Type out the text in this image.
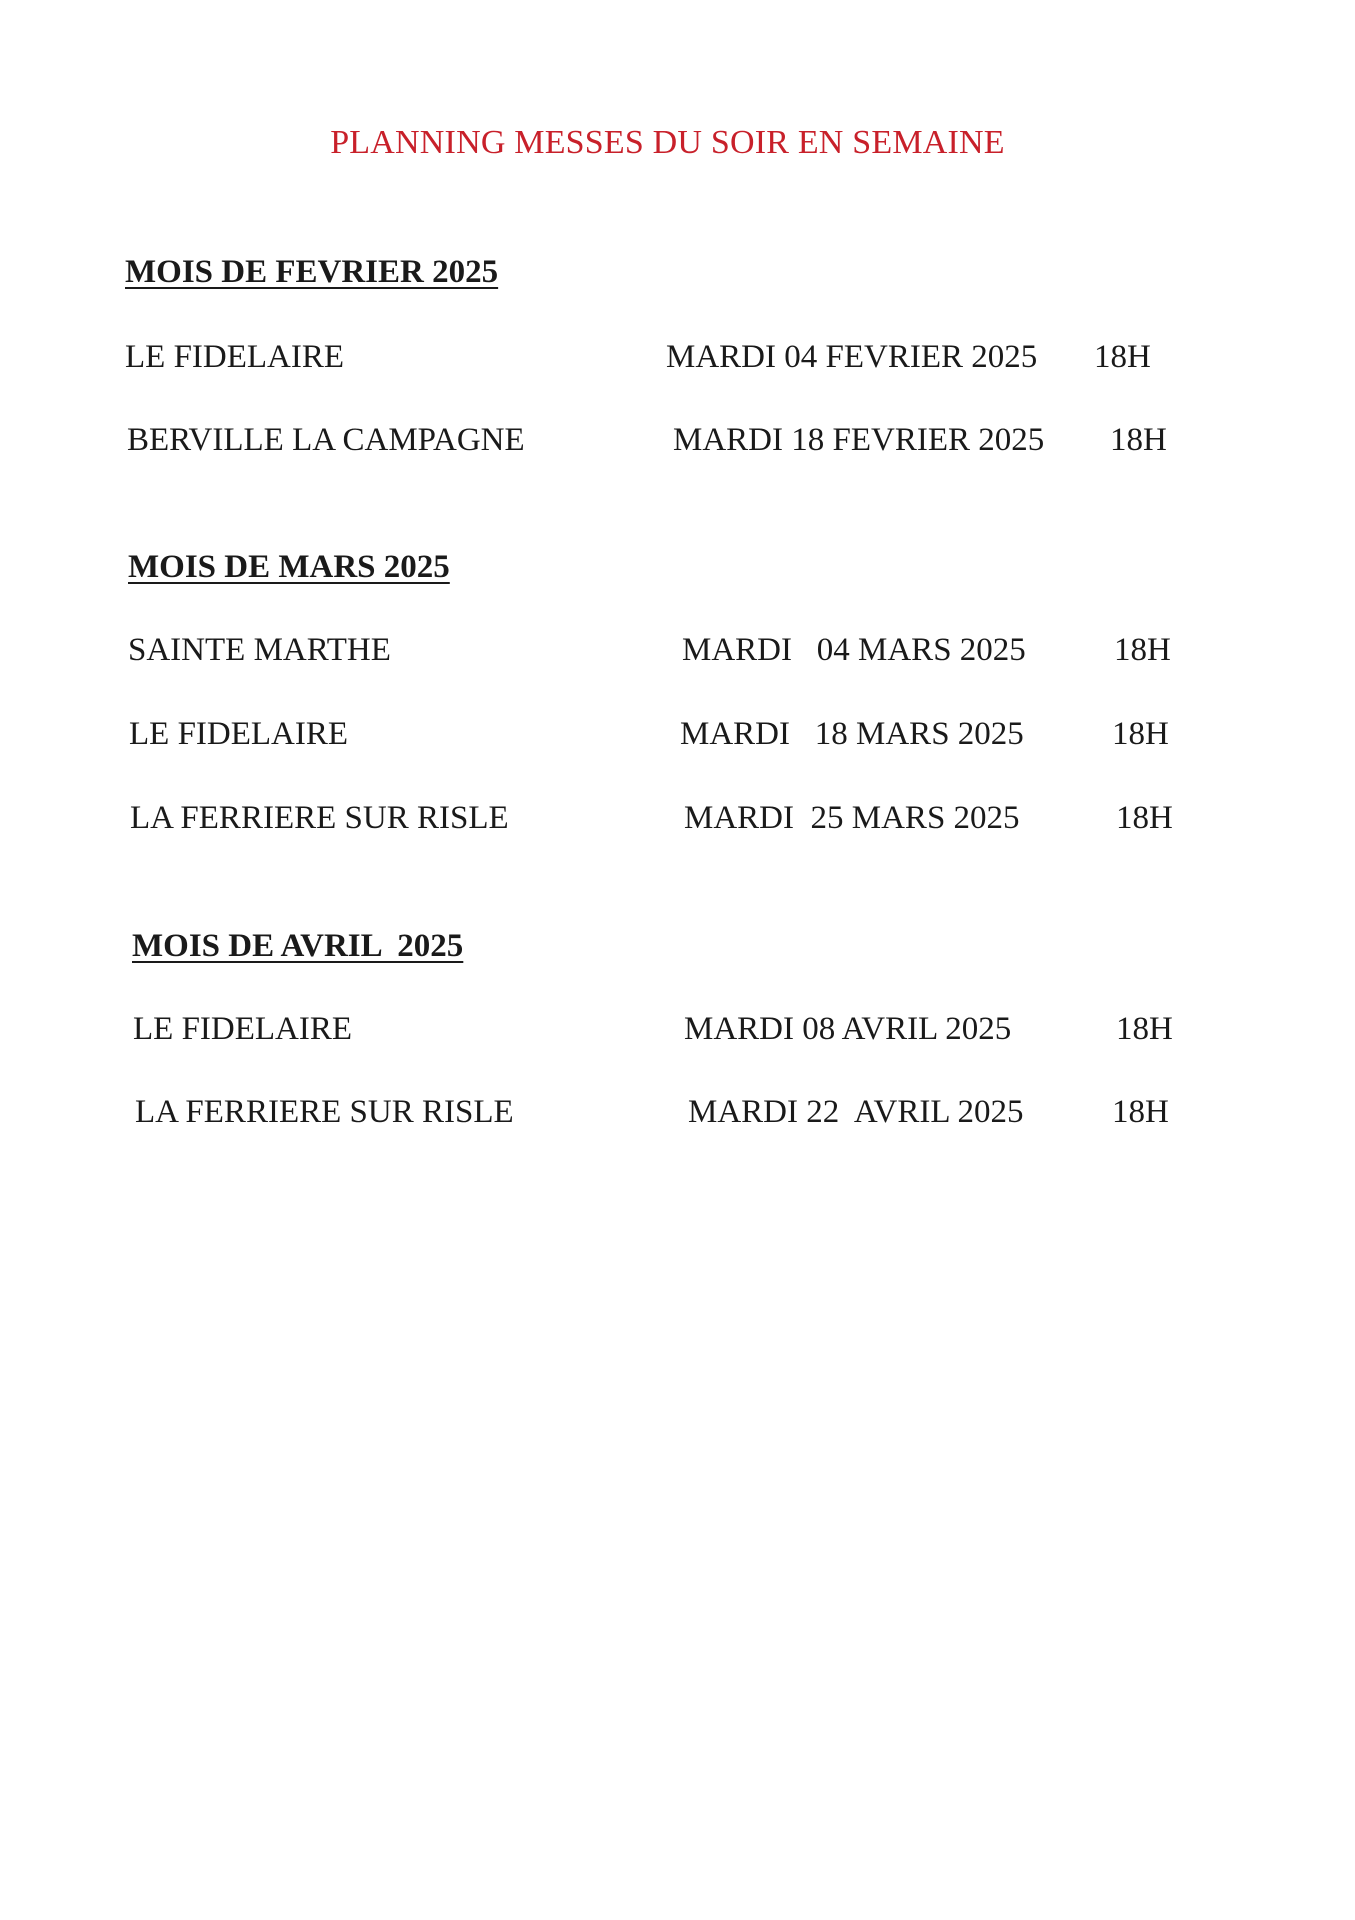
PLANNING MESSES DU SOIR EN SEMAINE
MOIS DE FEVRIER 2025
LE FIDELAIRE	MARDI 04 FEVRIER 2025 18H
BERVILLE LA CAMPAGNE	MARDI 18 FEVRIER 2025 18H
MOIS DE MARS 2025
SAINTE MARTHE	MARDI   04 MARS 2025	18H
LE FIDELAIRE	MARDI   18 MARS 2025	18H
LA FERRIERE SUR RISLE	MARDI  25 MARS 2025	18H
MOIS DE AVRIL  2025
LE FIDELAIRE	MARDI 08 AVRIL 2025	18H
LA FERRIERE SUR RISLE	MARDI 22  AVRIL 2025	18H
